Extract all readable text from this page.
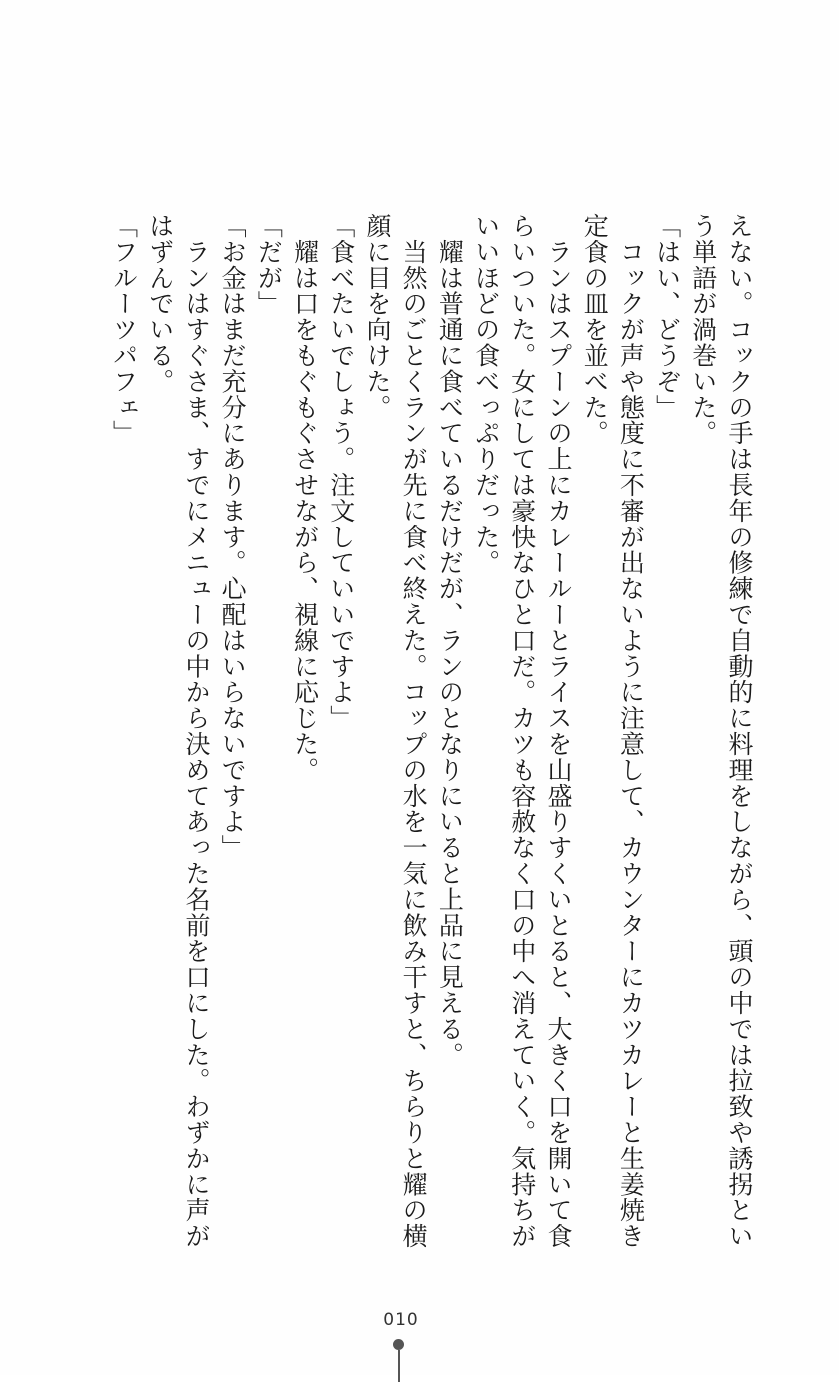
えない。コックの手は長年の修練で自動的に料理をしながら、頭の中では拉致や誘拐とい
う単語が渦巻いた。
「はい、どうぞ」
　コックが声や態度に不審が出ないように注意して、カウンターにカツカレーと生姜焼き
定食の皿を並べた。
　ランはスプーンの上にカレールーとライスを山盛りすくいとると、大きく口を開いて食
らいついた。女にしては豪快なひと口だ。カツも容赦なく口の中へ消えていく。気持ちが
いいほどの食べっぷりだった。
　耀は普通に食べているだけだが、ランのとなりにいると上品に見える。
　当然のごとくランが先に食べ終えた。コップの水を一気に飲み干すと、ちらりと耀の横
顔に目を向けた。
「食べたいでしょう。注文していいですよ」
　耀は口をもぐもぐさせながら、視線に応じた。
「だが」
「お金はまだ充分にあります。心配はいらないですよ」
　ランはすぐさま、すでにメニューの中から決めてあった名前を口にした。わずかに声が
はずんでいる。
「フルーツパフェ」
010
